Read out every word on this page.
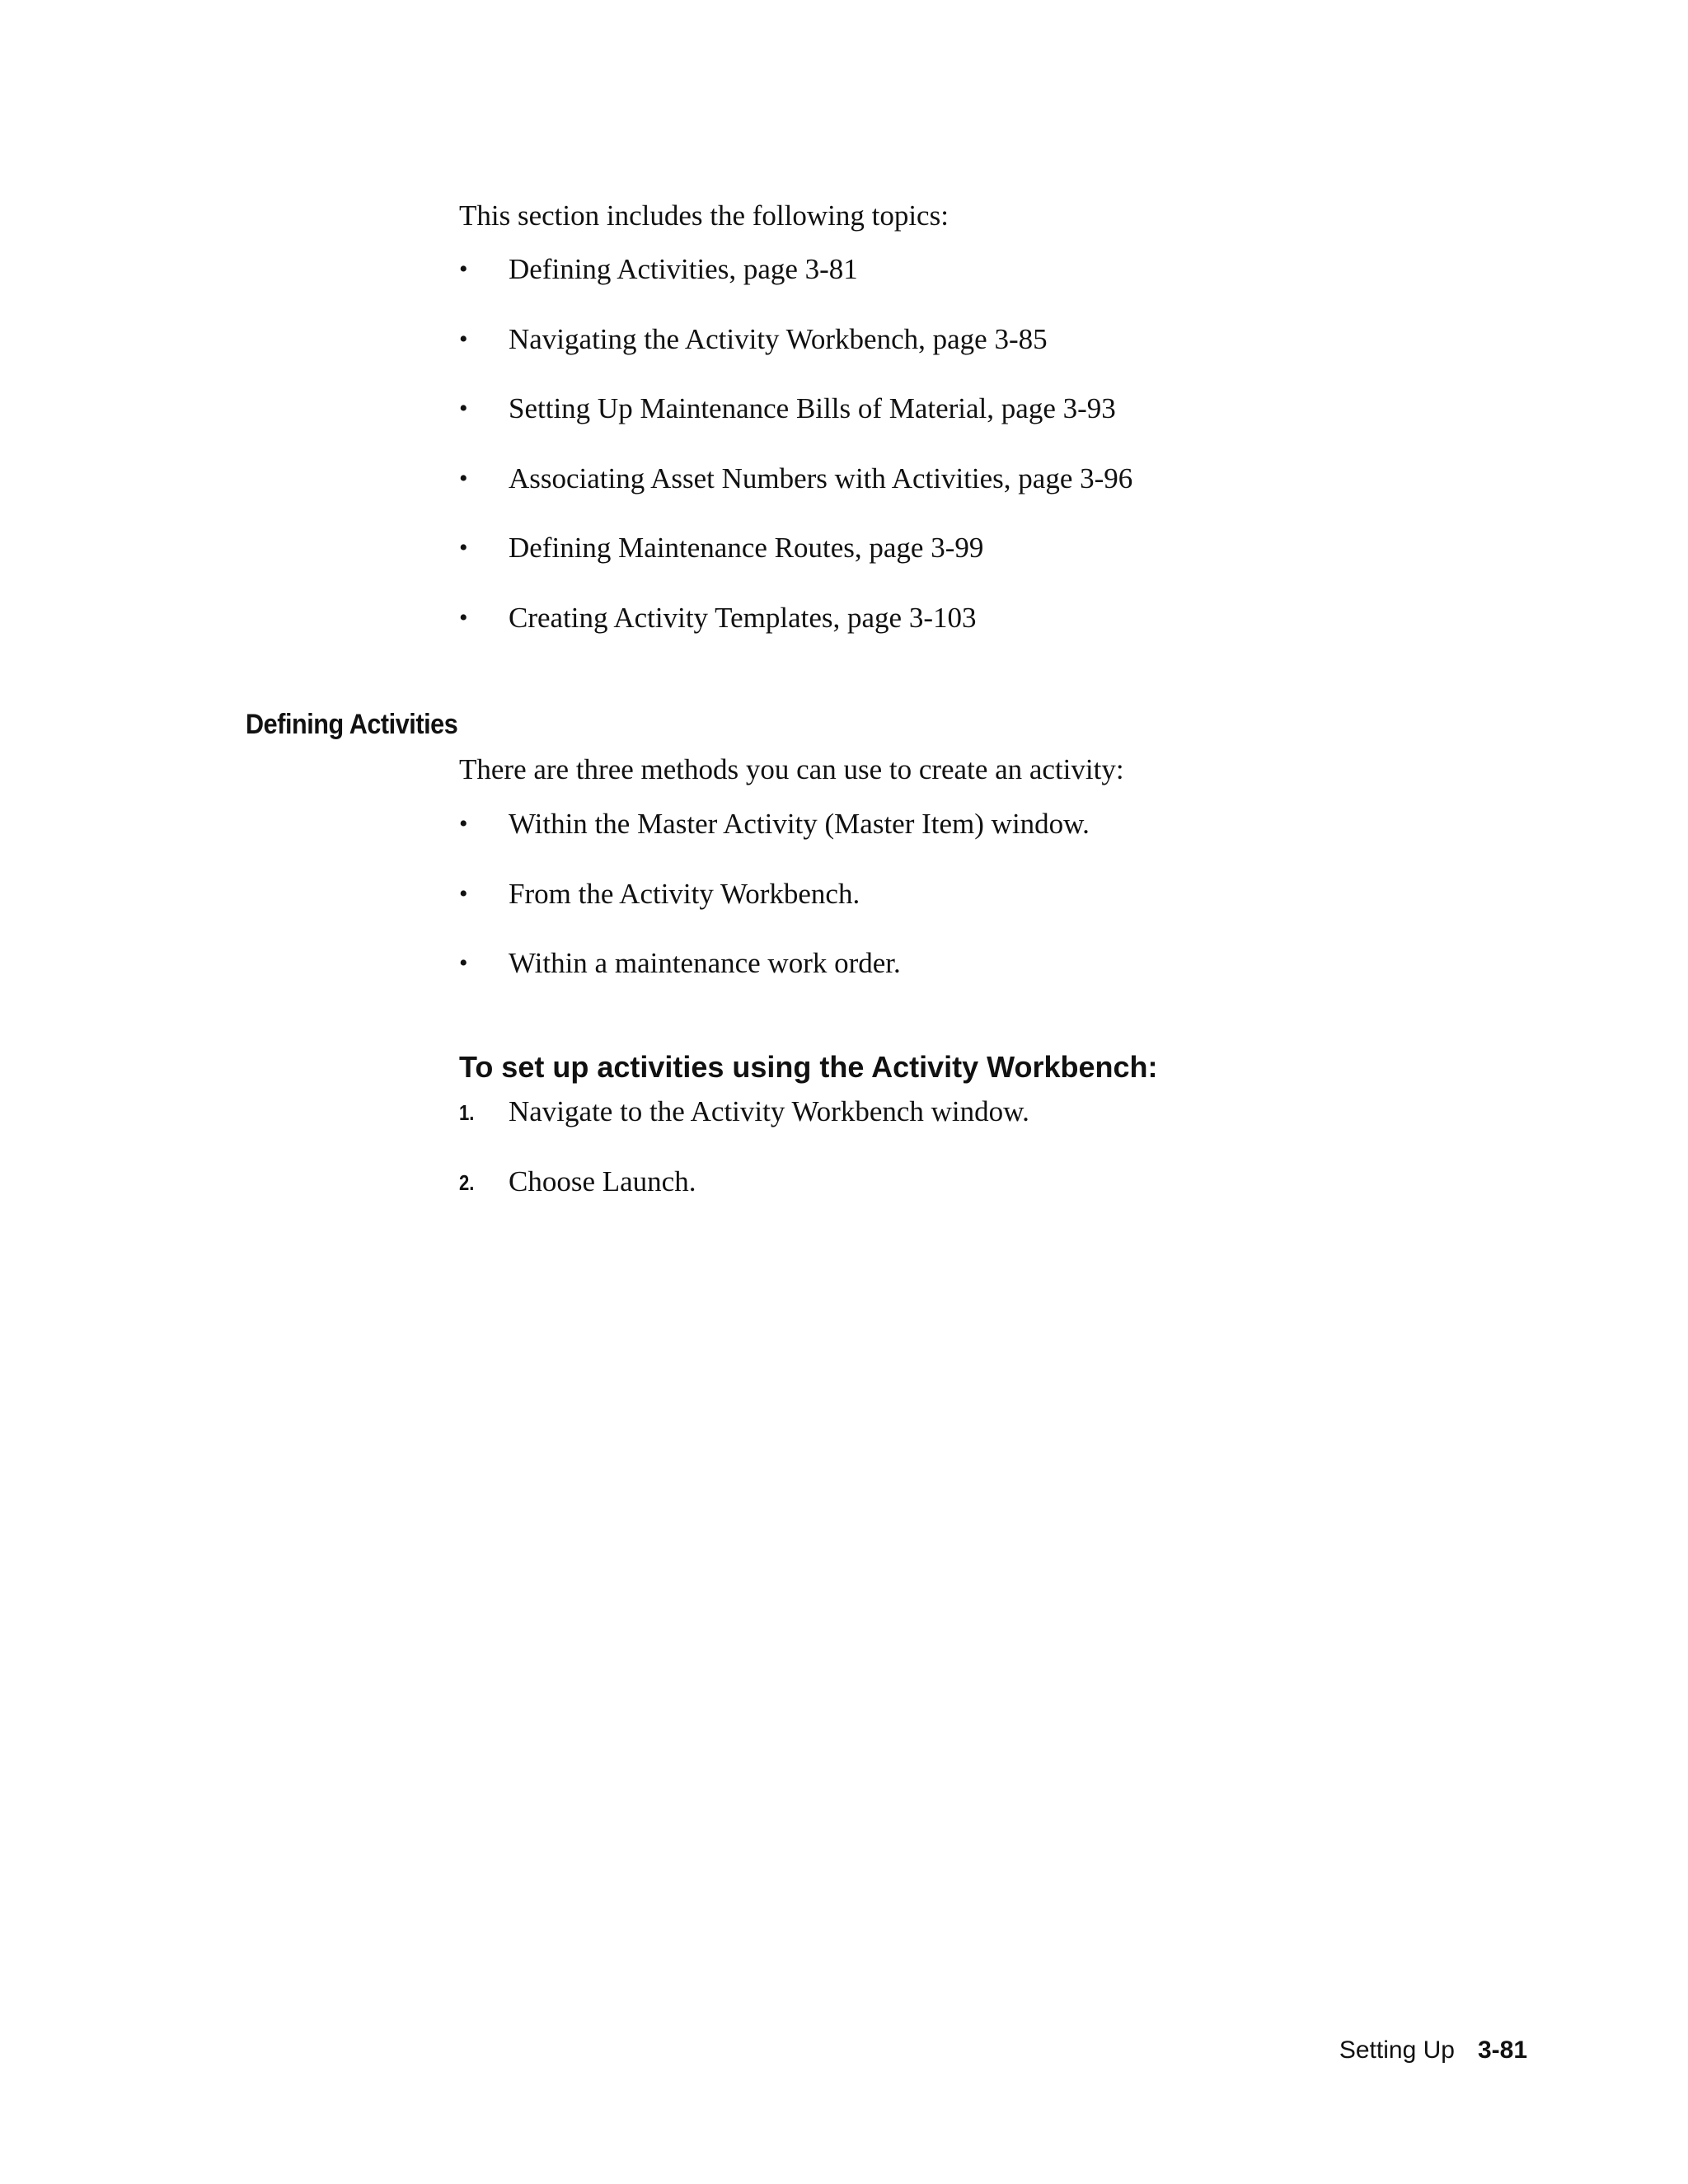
This section includes the following topics:
•	Defining Activities, page 3-81
•	Navigating the Activity Workbench, page 3-85
•	Setting Up Maintenance Bills of Material, page 3-93
•	Associating Asset Numbers with Activities, page 3-96
•	Defining Maintenance Routes, page 3-99
•	Creating Activity Templates, page 3-103
Defining Activities
There are three methods you can use to create an activity:
•	Within the Master Activity (Master Item) window.
•	From the Activity Workbench.
•	Within a maintenance work order.
To set up activities using the Activity Workbench:
1. Navigate to the Activity Workbench window.
2. Choose Launch.
Setting Up 3-81
